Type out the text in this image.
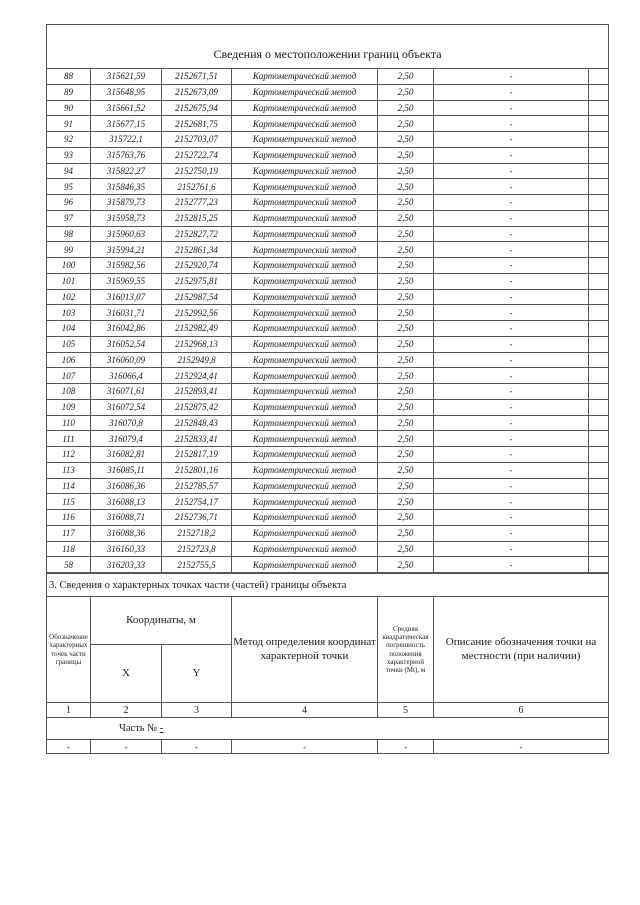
Сведения о местоположении границ объекта						
88	315621,59	2152671,51	Картометрический метод	2,50	-	
89	315648,95	2152673,09	Картометрический метод	2,50	-	
90	315661,52	2152675,94	Картометрический метод	2,50	-	
91	315677,15	2152681,75	Картометрический метод	2,50	-	
92	315722,1	2152703,07	Картометрический метод	2,50	-	
93	315763,76	2152722,74	Картометрический метод	2,50	-	
94	315822,27	2152750,19	Картометрический метод	2,50	-	
95	315846,35	2152761,6	Картометрический метод	2,50	-	
96	315879,73	2152777,23	Картометрический метод	2,50	-	
97	315958,73	2152815,25	Картометрический метод	2,50	-	
98	315960,63	2152827,72	Картометрический метод	2,50	-	
99	315994,21	2152861,34	Картометрический метод	2,50	-	
100	315982,56	2152920,74	Картометрический метод	2,50	-	
101	315969,55	2152975,81	Картометрический метод	2,50	-	
102	316013,07	2152987,54	Картометрический метод	2,50	-	
103	316031,71	2152992,56	Картометрический метод	2,50	-	
104	316042,86	2152982,49	Картометрический метод	2,50	-	
105	316052,54	2152968,13	Картометрический метод	2,50	-	
106	316060,09	2152949,8	Картометрический метод	2,50	-	
107	316066,4	2152924,41	Картометрический метод	2,50	-	
108	316071,61	2152893,41	Картометрический метод	2,50	-	
109	316072,54	2152875,42	Картометрический метод	2,50	-	
110	316070,8	2152848,43	Картометрический метод	2,50	-	
111	316079,4	2152833,41	Картометрический метод	2,50	-	
112	316082,81	2152817,19	Картометрический метод	2,50	-	
113	316085,11	2152801,16	Картометрический метод	2,50	-	
114	316086,36	2152785,57	Картометрический метод	2,50	-	
115	316088,13	2152754,17	Картометрический метод	2,50	-	
116	316088,71	2152736,71	Картометрический метод	2,50	-	
117	316088,36	2152718,2	Картометрический метод	2,50	-	
118	316160,33	2152723,8	Картометрический метод	2,50	-	
58	316203,33	2152755,5	Картометрический метод	2,50	-	
3. Сведения о характерных точках части (частей) границы объекта					
Обозначение характерных точек части границы	Координаты, м		Метод определения координат характерной точки	Средняя квадратическая погрешность положения характерной точки (Mt), м	Описание обозначения точки на местности (при наличии)
	X	Y			
1	2	3	4	5	6
Часть № -					
-	-	-	-	-	-
